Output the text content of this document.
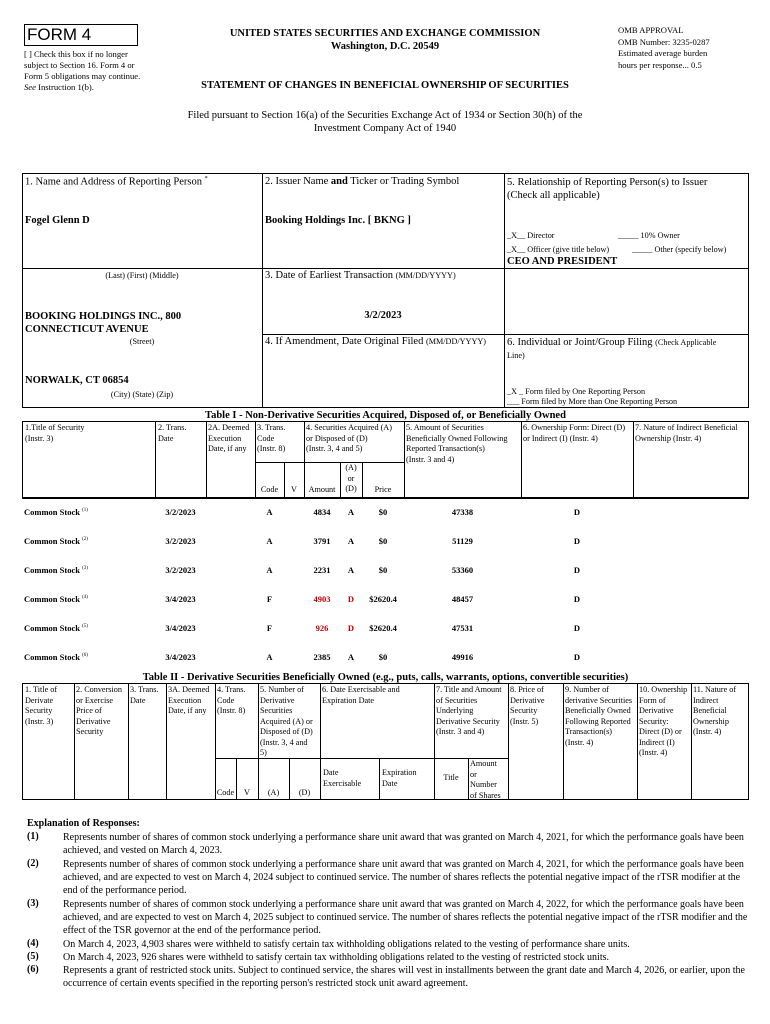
FORM 4
[ ] Check this box if no longer subject to Section 16. Form 4 or Form 5 obligations may continue. See Instruction 1(b).
UNITED STATES SECURITIES AND EXCHANGE COMMISSION
Washington, D.C. 20549
STATEMENT OF CHANGES IN BENEFICIAL OWNERSHIP OF SECURITIES
OMB APPROVAL
OMB Number: 3235-0287
Estimated average burden
hours per response... 0.5
Filed pursuant to Section 16(a) of the Securities Exchange Act of 1934 or Section 30(h) of the
Investment Company Act of 1940
1. Name and Address of Reporting Person *
Fogel Glenn D
(Last) (First) (Middle)
BOOKING HOLDINGS INC., 800
CONNECTICUT AVENUE
(Street)
NORWALK, CT 06854
(City) (State) (Zip)
2. Issuer Name and Ticker or Trading Symbol
Booking Holdings Inc. [ BKNG ]
3. Date of Earliest Transaction (MM/DD/YYYY)
3/2/2023
4. If Amendment, Date Original Filed (MM/DD/YYYY)
5. Relationship of Reporting Person(s) to Issuer
(Check all applicable)
_X__ Director	_____ 10% Owner
_X__ Officer (give title below)	_____ Other (specify below)
CEO AND PRESIDENT
6. Individual or Joint/Group Filing (Check Applicable
Line)
_X _ Form filed by One Reporting Person
___ Form filed by More than One Reporting Person
Table I - Non-Derivative Securities Acquired, Disposed of, or Beneficially Owned
1.Title of Security
(Instr. 3)
2. Trans.
Date
2A. Deemed
Execution
Date, if any
3. Trans.
Code
(Instr. 8)
4. Securities Acquired (A)
or Disposed of (D)
(Instr. 3, 4 and 5)
5. Amount of Securities
Beneficially Owned Following
Reported Transaction(s)
(Instr. 3 and 4)
6. Ownership Form: Direct (D)
or Indirect (I) (Instr. 4)
7. Nature of Indirect Beneficial
Ownership (Instr. 4)
Code	V	Amount
(A)
or
(D)	Price
Common Stock $^{(1)}$	3/2/2023	A	4834	A	$0	47338	D
Common Stock $^{(2)}$	3/2/2023	A	3791	A	$0	51129	D
Common Stock $^{(3)}$	3/2/2023	A	2231	A	$0	53360	D
Common Stock $^{(4)}$	3/4/2023	F	4903	D	$2620.4	48457	D
Common Stock $^{(5)}$	3/4/2023	F	926	D	$2620.4	47531	D
Common Stock $^{(6)}$	3/4/2023	A	2385	A	$0	49916	D
Table II - Derivative Securities Beneficially Owned (e.g., puts, calls, warrants, options, convertible securities)
1. Title of
Derivate
Security
(Instr. 3)
2. Conversion
or Exercise
Price of
Derivative
Security
3. Trans.
Date
3A. Deemed
Execution
Date, if any
4. Trans.
Code
(Instr. 8)
5. Number of
Derivative
Securities
Acquired (A) or
Disposed of (D)
(Instr. 3, 4 and
5)
6. Date Exercisable and
Expiration Date
7. Title and Amount
of Securities
Underlying
Derivative Security
(Instr. 3 and 4)
8. Price of
Derivative
Security
(Instr. 5)
9. Number of
derivative Securities
Beneficially Owned
Following Reported
Transaction(s)
(Instr. 4)
10. Ownership
Form of
Derivative
Security:
Direct (D) or
Indirect (I)
(Instr. 4)
11. Nature of
Indirect
Beneficial
Ownership
(Instr. 4)
Code	V	(A)	(D)
Date
Exercisable
Expiration
Date
Title
Amount
or
Number
of Shares
Explanation of Responses:
(1) Represents number of shares of common stock underlying a performance share unit award that was granted on March 4, 2021, for which the performance goals have been achieved, and vested on March 4, 2023.
(2) Represents number of shares of common stock underlying a performance share unit award that was granted on March 4, 2021, for which the performance goals have been achieved, and are expected to vest on March 4, 2024 subject to continued service. The number of shares reflects the potential negative impact of the rTSR modifier at the end of the performance period.
(3) Represents number of shares of common stock underlying a performance share unit award that was granted on March 4, 2022, for which the performance goals have been achieved, and are expected to vest on March 4, 2025 subject to continued service. The number of shares reflects the potential negative impact of the rTSR modifier and the effect of the TSR governor at the end of the performance period.
(4) On March 4, 2023, 4,903 shares were withheld to satisfy certain tax withholding obligations related to the vesting of performance share units.
(5) On March 4, 2023, 926 shares were withheld to satisfy certain tax withholding obligations related to the vesting of restricted stock units.
(6) Represents a grant of restricted stock units. Subject to continued service, the shares will vest in installments between the grant date and March 4, 2026, or earlier, upon the occurrence of certain events specified in the reporting person's restricted stock unit award agreement.
